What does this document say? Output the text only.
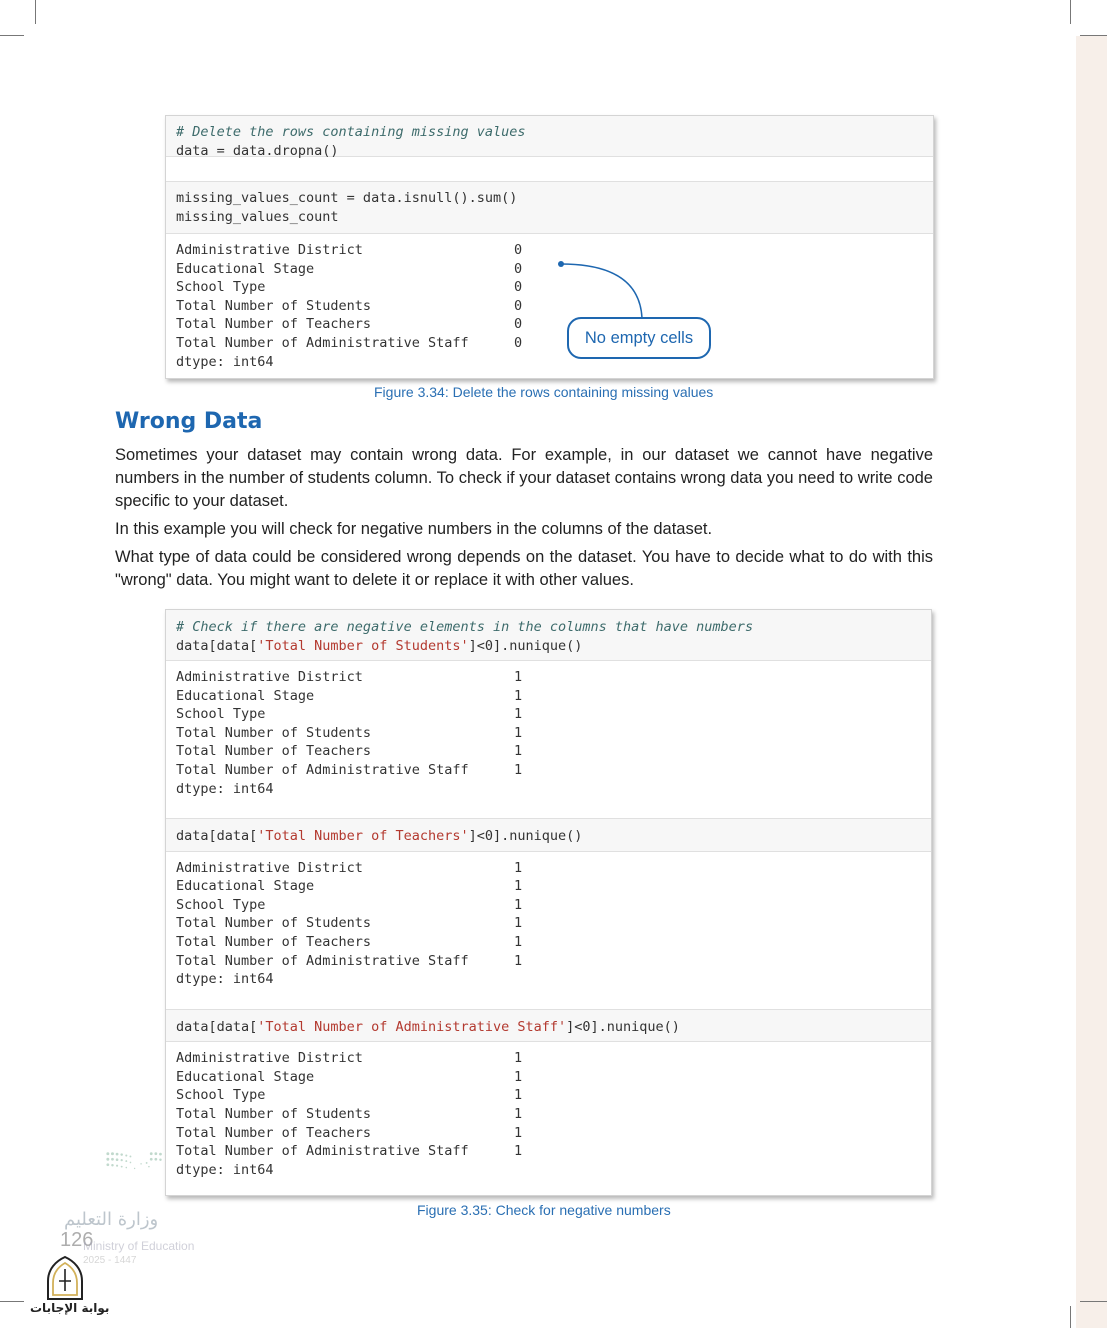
# Delete the rows containing missing values
data = data.dropna()
missing_values_count = data.isnull().sum()
missing_values_count
Administrative District	0
Educational Stage	0
School Type	0
Total Number of Students	0
Total Number of Teachers	0
Total Number of Administrative Staff	0
dtype: int64
No empty cells
Figure 3.34: Delete the rows containing missing values
Wrong Data

Sometimes your dataset may contain wrong data. For example, in our dataset we cannot have negative numbers in the number of students column. To check if your dataset contains wrong data you need to write code specific to your dataset.

In this example you will check for negative numbers in the columns of the dataset.

What type of data could be considered wrong depends on the dataset. You have to decide what to do with this "wrong" data. You might want to delete it or replace it with other values.

# Check if there are negative elements in the columns that have numbers
data[data['Total Number of Students']<0].nunique()
Administrative District	1
Educational Stage	1
School Type	1
Total Number of Students	1
Total Number of Teachers	1
Total Number of Administrative Staff	1
dtype: int64
data[data['Total Number of Teachers']<0].nunique()
Administrative District	1
Educational Stage	1
School Type	1
Total Number of Students	1
Total Number of Teachers	1
Total Number of Administrative Staff	1
dtype: int64
data[data['Total Number of Administrative Staff']<0].nunique()
Administrative District	1
Educational Stage	1
School Type	1
Total Number of Students	1
Total Number of Teachers	1
Total Number of Administrative Staff	1
dtype: int64
Figure 3.35: Check for negative numbers
وزارة التعليم
126
Ministry of Education
2025 - 1447
بوابة الإجابات
